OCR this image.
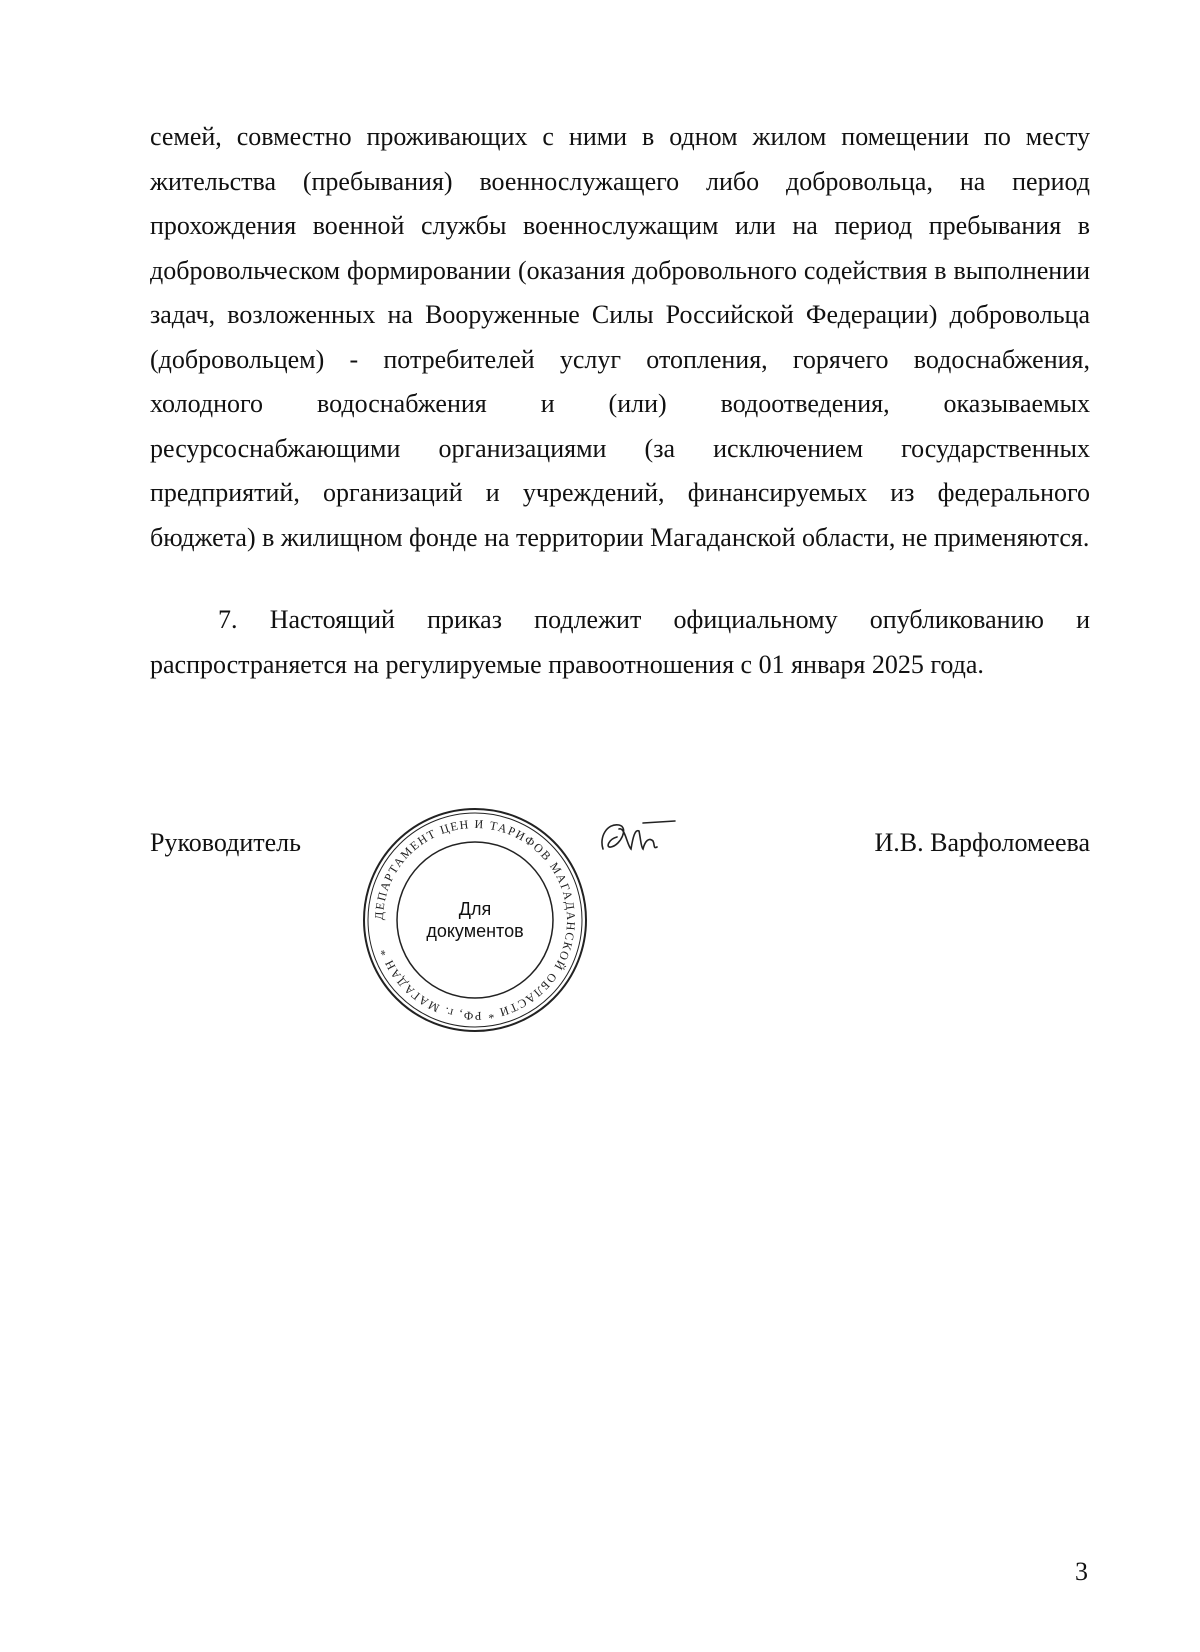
семей, совместно проживающих с ними в одном жилом помещении по месту жительства (пребывания) военнослужащего либо добровольца, на период прохождения военной службы военнослужащим или на период пребывания в добровольческом формировании (оказания добровольного содействия в выполнении задач, возложенных на Вооруженные Силы Российской Федерации) добровольца (добровольцем) - потребителей услуг отопления, горячего водоснабжения, холодного водоснабжения и (или) водоотведения, оказываемых ресурсоснабжающими организациями (за исключением государственных предприятий, организаций и учреждений, финансируемых из федерального бюджета) в жилищном фонде на территории Магаданской области, не применяются.
7. Настоящий приказ подлежит официальному опубликованию и распространяется на регулируемые правоотношения с 01 января 2025 года.
Руководитель
ДЕПАРТАМЕНТ ЦЕН И ТАРИФОВ МАГАДАНСКОЙ ОБЛАСТИ * РФ, г. МАГАДАН *
Для
документов
И.В. Варфоломеева
3
